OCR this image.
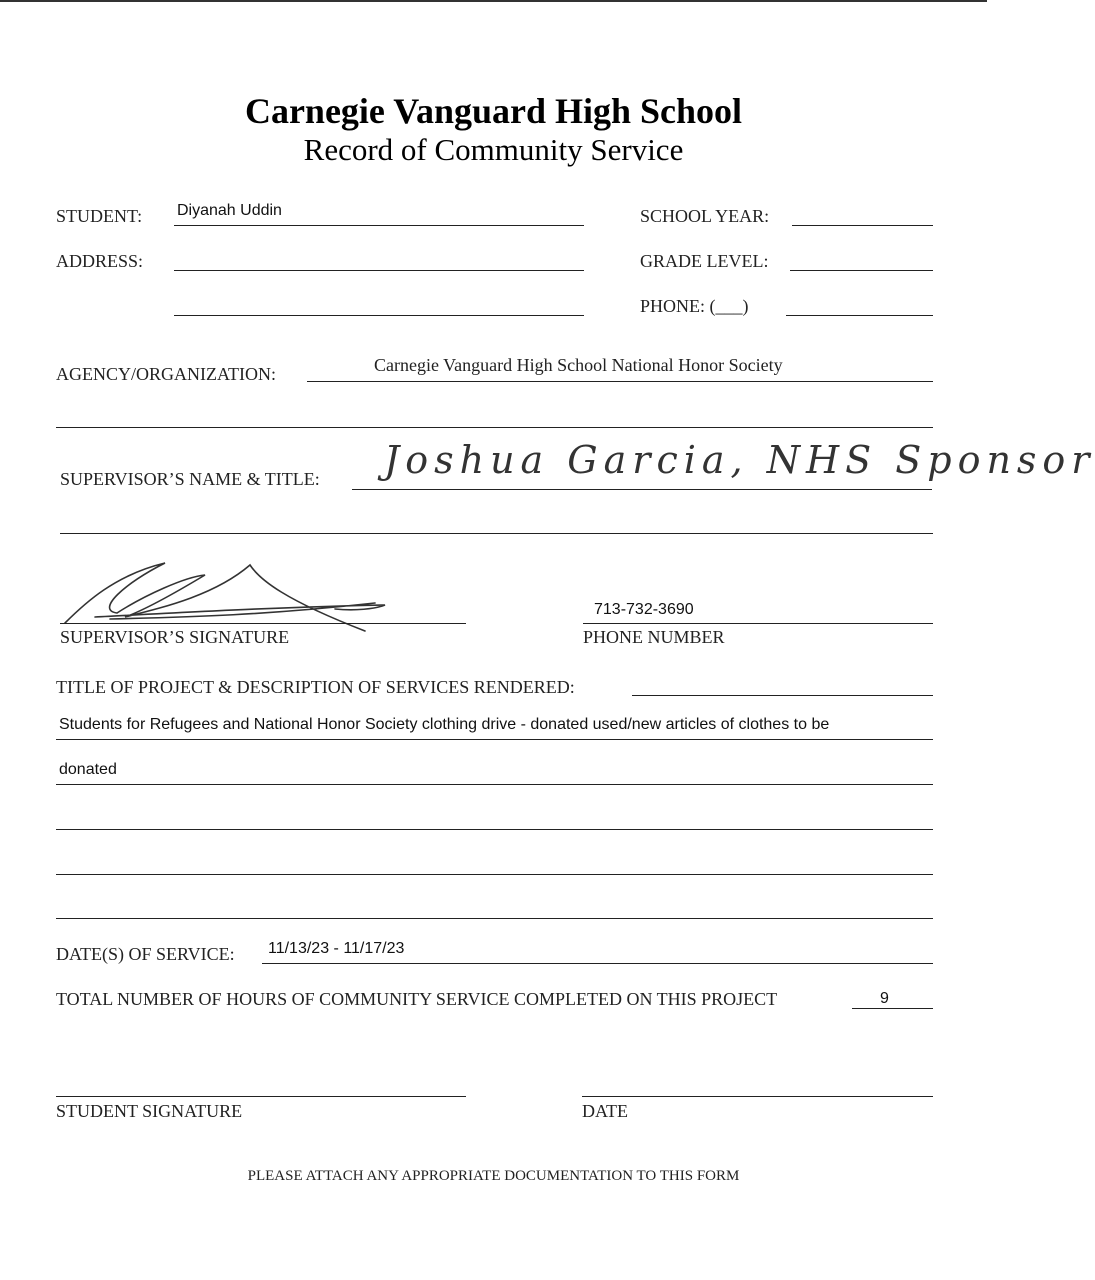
Carnegie Vanguard High School
Record of Community Service
STUDENT: Diyanah Uddin	SCHOOL YEAR:
ADDRESS:	GRADE LEVEL:
PHONE: (___)
AGENCY/ORGANIZATION:	Carnegie Vanguard High School National Honor Society
SUPERVISOR’S NAME & TITLE: Joshua Garcia, NHS Sponsor
SUPERVISOR’S SIGNATURE
713-732-3690
PHONE NUMBER
TITLE OF PROJECT & DESCRIPTION OF SERVICES RENDERED:
Students for Refugees and National Honor Society clothing drive - donated used/new articles of clothes to be
donated
DATE(S) OF SERVICE: 11/13/23 - 11/17/23
TOTAL NUMBER OF HOURS OF COMMUNITY SERVICE COMPLETED ON THIS PROJECT	9
STUDENT SIGNATURE	DATE
PLEASE ATTACH ANY APPROPRIATE DOCUMENTATION TO THIS FORM
